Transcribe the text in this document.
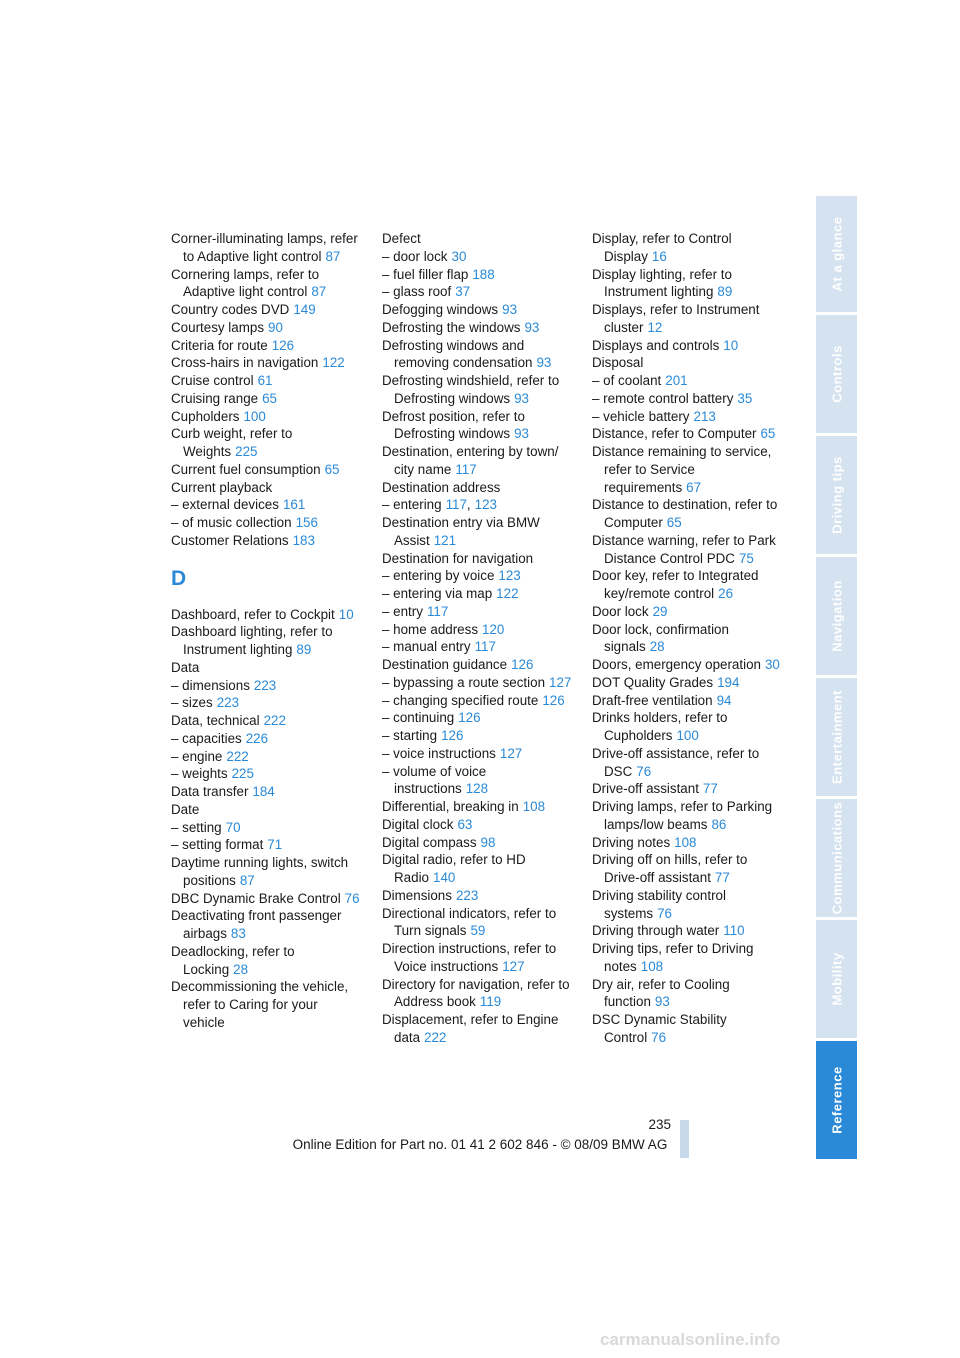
Corner-illuminating lamps, refer to Adaptive light control 87
Cornering lamps, refer to Adaptive light control 87
Country codes DVD 149
Courtesy lamps 90
Criteria for route 126
Cross-hairs in navigation 122
Cruise control 61
Cruising range 65
Cupholders 100
Curb weight, refer to Weights 225
Current fuel consumption 65
Current playback
– external devices 161
– of music collection 156
Customer Relations 183
D
Dashboard, refer to Cockpit 10
Dashboard lighting, refer to Instrument lighting 89
Data
– dimensions 223
– sizes 223
Data, technical 222
– capacities 226
– engine 222
– weights 225
Data transfer 184
Date
– setting 70
– setting format 71
Daytime running lights, switch positions 87
DBC Dynamic Brake Control 76
Deactivating front passenger airbags 83
Deadlocking, refer to Locking 28
Decommissioning the vehicle, refer to Caring for your vehicle
Defect
– door lock 30
– fuel filler flap 188
– glass roof 37
Defogging windows 93
Defrosting the windows 93
Defrosting windows and removing condensation 93
Defrosting windshield, refer to Defrosting windows 93
Defrost position, refer to Defrosting windows 93
Destination, entering by town/ city name 117
Destination address
– entering 117, 123
Destination entry via BMW Assist 121
Destination for navigation
– entering by voice 123
– entering via map 122
– entry 117
– home address 120
– manual entry 117
Destination guidance 126
– bypassing a route section 127
– changing specified route 126
– continuing 126
– starting 126
– voice instructions 127
– volume of voice instructions 128
Differential, breaking in 108
Digital clock 63
Digital compass 98
Digital radio, refer to HD Radio 140
Dimensions 223
Directional indicators, refer to Turn signals 59
Direction instructions, refer to Voice instructions 127
Directory for navigation, refer to Address book 119
Displacement, refer to Engine data 222
Display, refer to Control Display 16
Display lighting, refer to Instrument lighting 89
Displays, refer to Instrument cluster 12
Displays and controls 10
Disposal
– of coolant 201
– remote control battery 35
– vehicle battery 213
Distance, refer to Computer 65
Distance remaining to service, refer to Service requirements 67
Distance to destination, refer to Computer 65
Distance warning, refer to Park Distance Control PDC 75
Door key, refer to Integrated key/remote control 26
Door lock 29
Door lock, confirmation signals 28
Doors, emergency operation 30
DOT Quality Grades 194
Draft-free ventilation 94
Drinks holders, refer to Cupholders 100
Drive-off assistance, refer to DSC 76
Drive-off assistant 77
Driving lamps, refer to Parking lamps/low beams 86
Driving notes 108
Driving off on hills, refer to Drive-off assistant 77
Driving stability control systems 76
Driving through water 110
Driving tips, refer to Driving notes 108
Dry air, refer to Cooling function 93
DSC Dynamic Stability Control 76
At a glance
Controls
Driving tips
Navigation
Entertainment
Communications
Mobility
Reference
235
Online Edition for Part no. 01 41 2 602 846 - © 08/09 BMW AG
carmanualsonline.info
